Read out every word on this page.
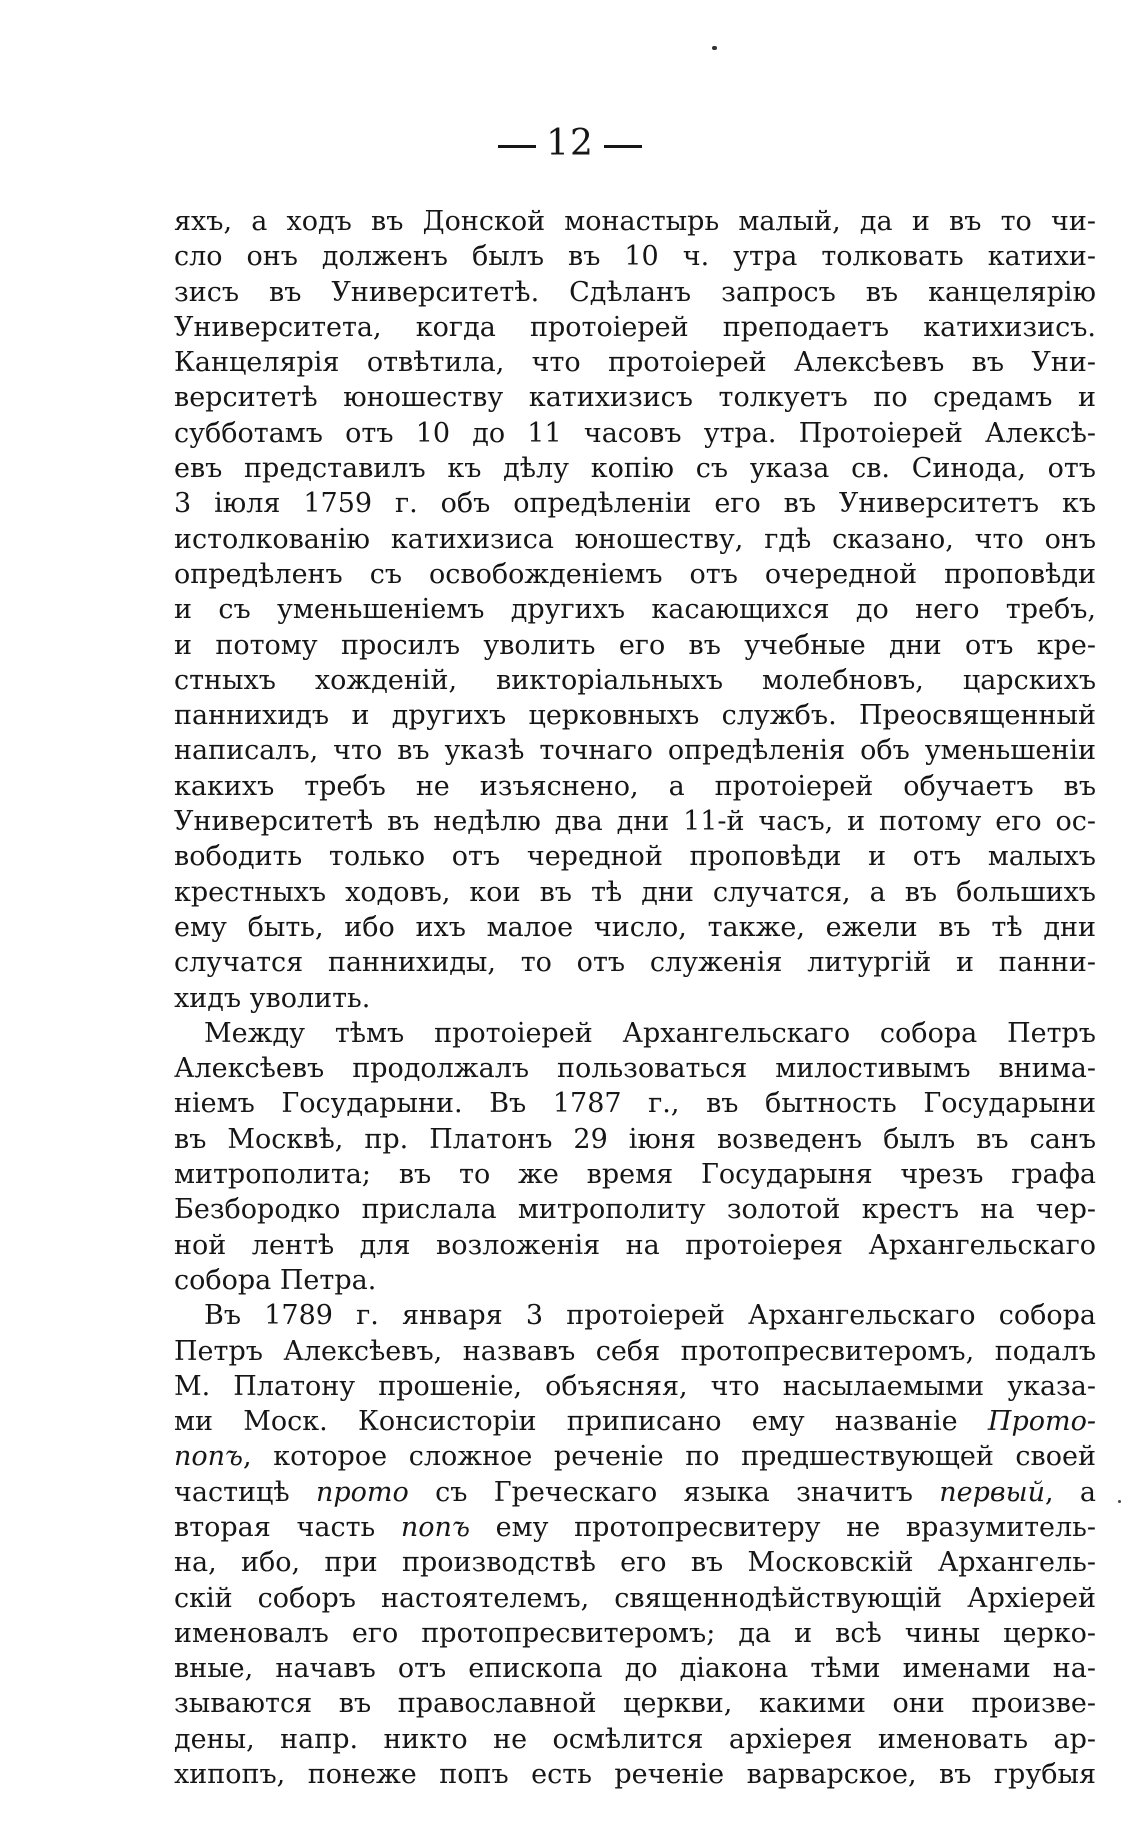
12
яхъ, а ходъ въ Донской монастырь малый, да и въ то чи-
сло онъ долженъ былъ въ 10 ч. утра толковать катихи-
зисъ въ Университетѣ. Сдѣланъ запросъ въ канцелярію
Университета, когда протоіерей преподаетъ катихизисъ.
Канцелярія отвѣтила, что протоіерей Алексѣевъ въ Уни-
верситетѣ юношеству катихизисъ толкуетъ по средамъ и
субботамъ отъ 10 до 11 часовъ утра. Протоіерей Алексѣ-
евъ представилъ къ дѣлу копію съ указа св. Синода, отъ
3 іюля 1759 г. объ опредѣленіи его въ Университетъ къ
истолкованію катихизиса юношеству, гдѣ сказано, что онъ
опредѣленъ съ освобожденіемъ отъ очередной проповѣди
и съ уменьшеніемъ другихъ касающихся до него требъ,
и потому просилъ уволить его въ учебные дни отъ кре-
стныхъ хожденій, викторіальныхъ молебновъ, царскихъ
паннихидъ и другихъ церковныхъ службъ. Преосвященный
написалъ, что въ указѣ точнаго опредѣленія объ уменьшеніи
какихъ требъ не изъяснено, а протоіерей обучаетъ въ
Университетѣ въ недѣлю два дни 11-й часъ, и потому его ос-
вободить только отъ чередной проповѣди и отъ малыхъ
крестныхъ ходовъ, кои въ тѣ дни случатся, а въ большихъ
ему быть, ибо ихъ малое число, также, ежели въ тѣ дни
случатся паннихиды, то отъ служенія литургій и панни-
хидъ уволить.
Между тѣмъ протоіерей Архангельскаго собора Петръ
Алексѣевъ продолжалъ пользоваться милостивымъ внима-
ніемъ Государыни. Въ 1787 г., въ бытность Государыни
въ Москвѣ, пр. Платонъ 29 іюня возведенъ былъ въ санъ
митрополита; въ то же время Государыня чрезъ графа
Безбородко прислала митрополиту золотой крестъ на чер-
ной лентѣ для возложенія на протоіерея Архангельскаго
собора Петра.
Въ 1789 г. января 3 протоіерей Архангельскаго собора
Петръ Алексѣевъ, назвавъ себя протопресвитеромъ, подалъ
М. Платону прошеніе, объясняя, что насылаемыми указа-
ми Моск. Консисторіи приписано ему названіе Прото-
попъ, которое сложное реченіе по предшествующей своей
частицѣ прото съ Греческаго языка значитъ первый, а
вторая часть попъ ему протопресвитеру не вразумитель-
на, ибо, при производствѣ его въ Московскій Архангель-
скій соборъ настоятелемъ, священнодѣйствующій Архіерей
именовалъ его протопресвитеромъ; да и всѣ чины церко-
вные, начавъ отъ епископа до діакона тѣми именами на-
зываются въ православной церкви, какими они произве-
дены, напр. никто не осмѣлится архіерея именовать ар-
хипопъ, понеже попъ есть реченіе варварское, въ грубыя
